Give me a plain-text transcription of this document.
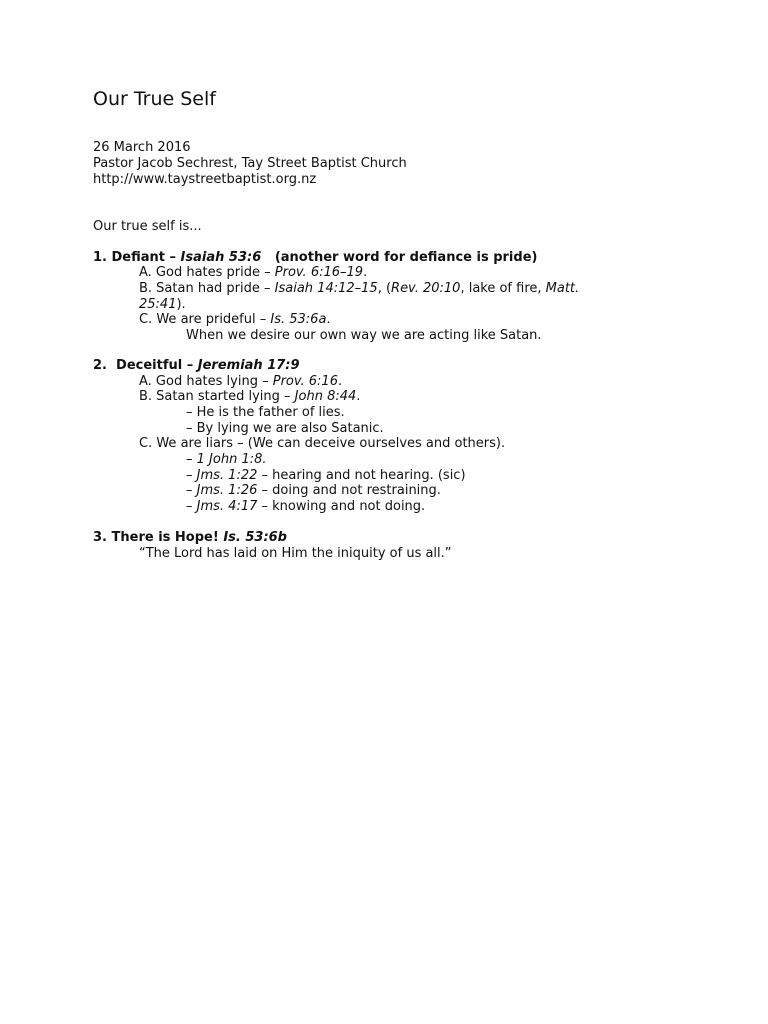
Our True Self
26 March 2016
Pastor Jacob Sechrest, Tay Street Baptist Church
http://www.taystreetbaptist.org.nz
Our true self is...
1. Defiant – Isaiah 53:6   (another word for defiance is pride)
A. God hates pride – Prov. 6:16–19.
B. Satan had pride – Isaiah 14:12–15, (Rev. 20:10, lake of fire, Matt.
25:41).
C. We are prideful – Is. 53:6a.
When we desire our own way we are acting like Satan.
2.  Deceitful – Jeremiah 17:9
A. God hates lying – Prov. 6:16.
B. Satan started lying – John 8:44.
– He is the father of lies.
– By lying we are also Satanic.
C. We are liars – (We can deceive ourselves and others).
– 1 John 1:8.
– Jms. 1:22 – hearing and not hearing. (sic)
– Jms. 1:26 – doing and not restraining.
– Jms. 4:17 – knowing and not doing.
3. There is Hope! Is. 53:6b
“The Lord has laid on Him the iniquity of us all.”
